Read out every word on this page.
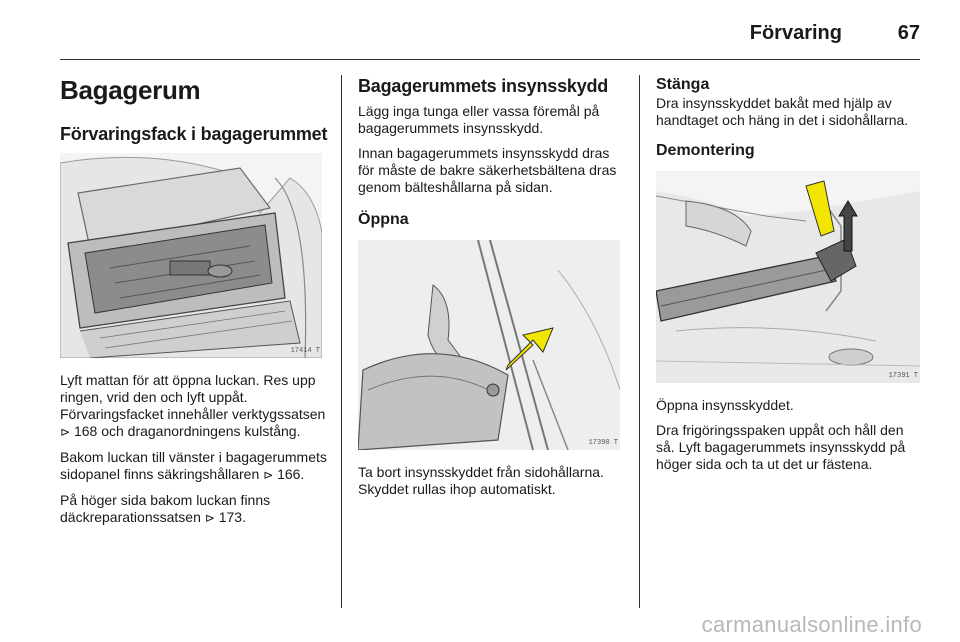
Förvaring	67
Bagagerum
Förvaringsfack i bagagerummet
17414 T

Lyft mattan för att öppna luckan. Res upp ringen, vrid den och lyft uppåt. Förvaringsfacket innehåller verktygssatsen ⊳ 168 och draganordningens kulstång.

Bakom luckan till vänster i bagagerummets sidopanel finns säkringshållaren ⊳ 166.

På höger sida bakom luckan finns däckreparationssatsen ⊳ 173.

Bagagerummets insynsskydd

Lägg inga tunga eller vassa föremål på bagagerummets insynsskydd.

Innan bagagerummets insynsskydd dras för måste de bakre säkerhetsbältena dras genom bälteshållarna på sidan.

Öppna
17390 T

Ta bort insynsskyddet från sidohållarna. Skyddet rullas ihop automatiskt.

Stänga

Dra insynsskyddet bakåt med hjälp av handtaget och häng in det i sidohållarna.

Demontering
17391 T

Öppna insynsskyddet.

Dra frigöringsspaken uppåt och håll den så. Lyft bagagerummets insynsskydd på höger sida och ta ut det ur fästena.

carmanualsonline.info
